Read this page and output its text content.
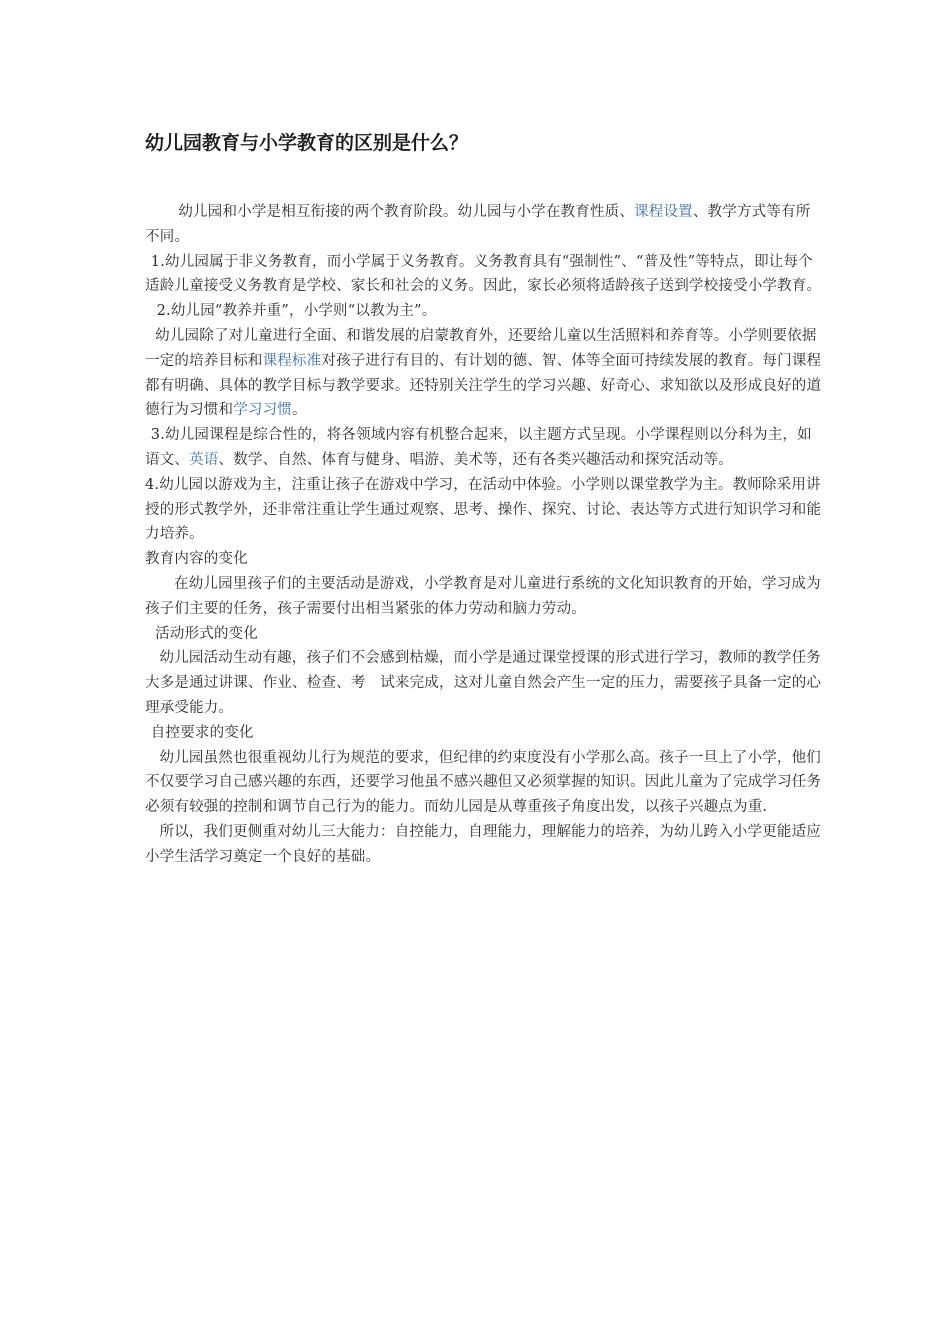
幼儿园教育与小学教育的区别是什么？

幼儿园和小学是相互衔接的两个教育阶段。幼儿园与小学在教育性质、课程设置、教学方式等有所不同。

1.幼儿园属于非义务教育，而小学属于义务教育。义务教育具有“强制性”、“普及性”等特点，即让每个适龄儿童接受义务教育是学校、家长和社会的义务。因此，家长必须将适龄孩子送到学校接受小学教育。

2.幼儿园“教养并重”，小学则“以教为主”。

幼儿园除了对儿童进行全面、和谐发展的启蒙教育外，还要给儿童以生活照料和养育等。小学则要依据一定的培养目标和课程标准对孩子进行有目的、有计划的德、智、体等全面可持续发展的教育。每门课程都有明确、具体的教学目标与教学要求。还特别关注学生的学习兴趣、好奇心、求知欲以及形成良好的道德行为习惯和学习习惯。

3.幼儿园课程是综合性的，将各领域内容有机整合起来，以主题方式呈现。小学课程则以分科为主，如语文、英语、数学、自然、体育与健身、唱游、美术等，还有各类兴趣活动和探究活动等。

4.幼儿园以游戏为主，注重让孩子在游戏中学习，在活动中体验。小学则以课堂教学为主。教师除采用讲授的形式教学外，还非常注重让学生通过观察、思考、操作、探究、讨论、表达等方式进行知识学习和能力培养。

教育内容的变化

在幼儿园里孩子们的主要活动是游戏，小学教育是对儿童进行系统的文化知识教育的开始，学习成为孩子们主要的任务，孩子需要付出相当紧张的体力劳动和脑力劳动。

活动形式的变化

幼儿园活动生动有趣，孩子们不会感到枯燥，而小学是通过课堂授课的形式进行学习，教师的教学任务大多是通过讲课、作业、检查、考　试来完成，这对儿童自然会产生一定的压力，需要孩子具备一定的心理承受能力。

自控要求的变化

幼儿园虽然也很重视幼儿行为规范的要求，但纪律的约束度没有小学那么高。孩子一旦上了小学，他们不仅要学习自己感兴趣的东西，还要学习他虽不感兴趣但又必须掌握的知识。因此儿童为了完成学习任务必须有较强的控制和调节自己行为的能力。而幼儿园是从尊重孩子角度出发，以孩子兴趣点为重.

所以，我们更侧重对幼儿三大能力：自控能力，自理能力，理解能力的培养，为幼儿跨入小学更能适应小学生活学习奠定一个良好的基础。
